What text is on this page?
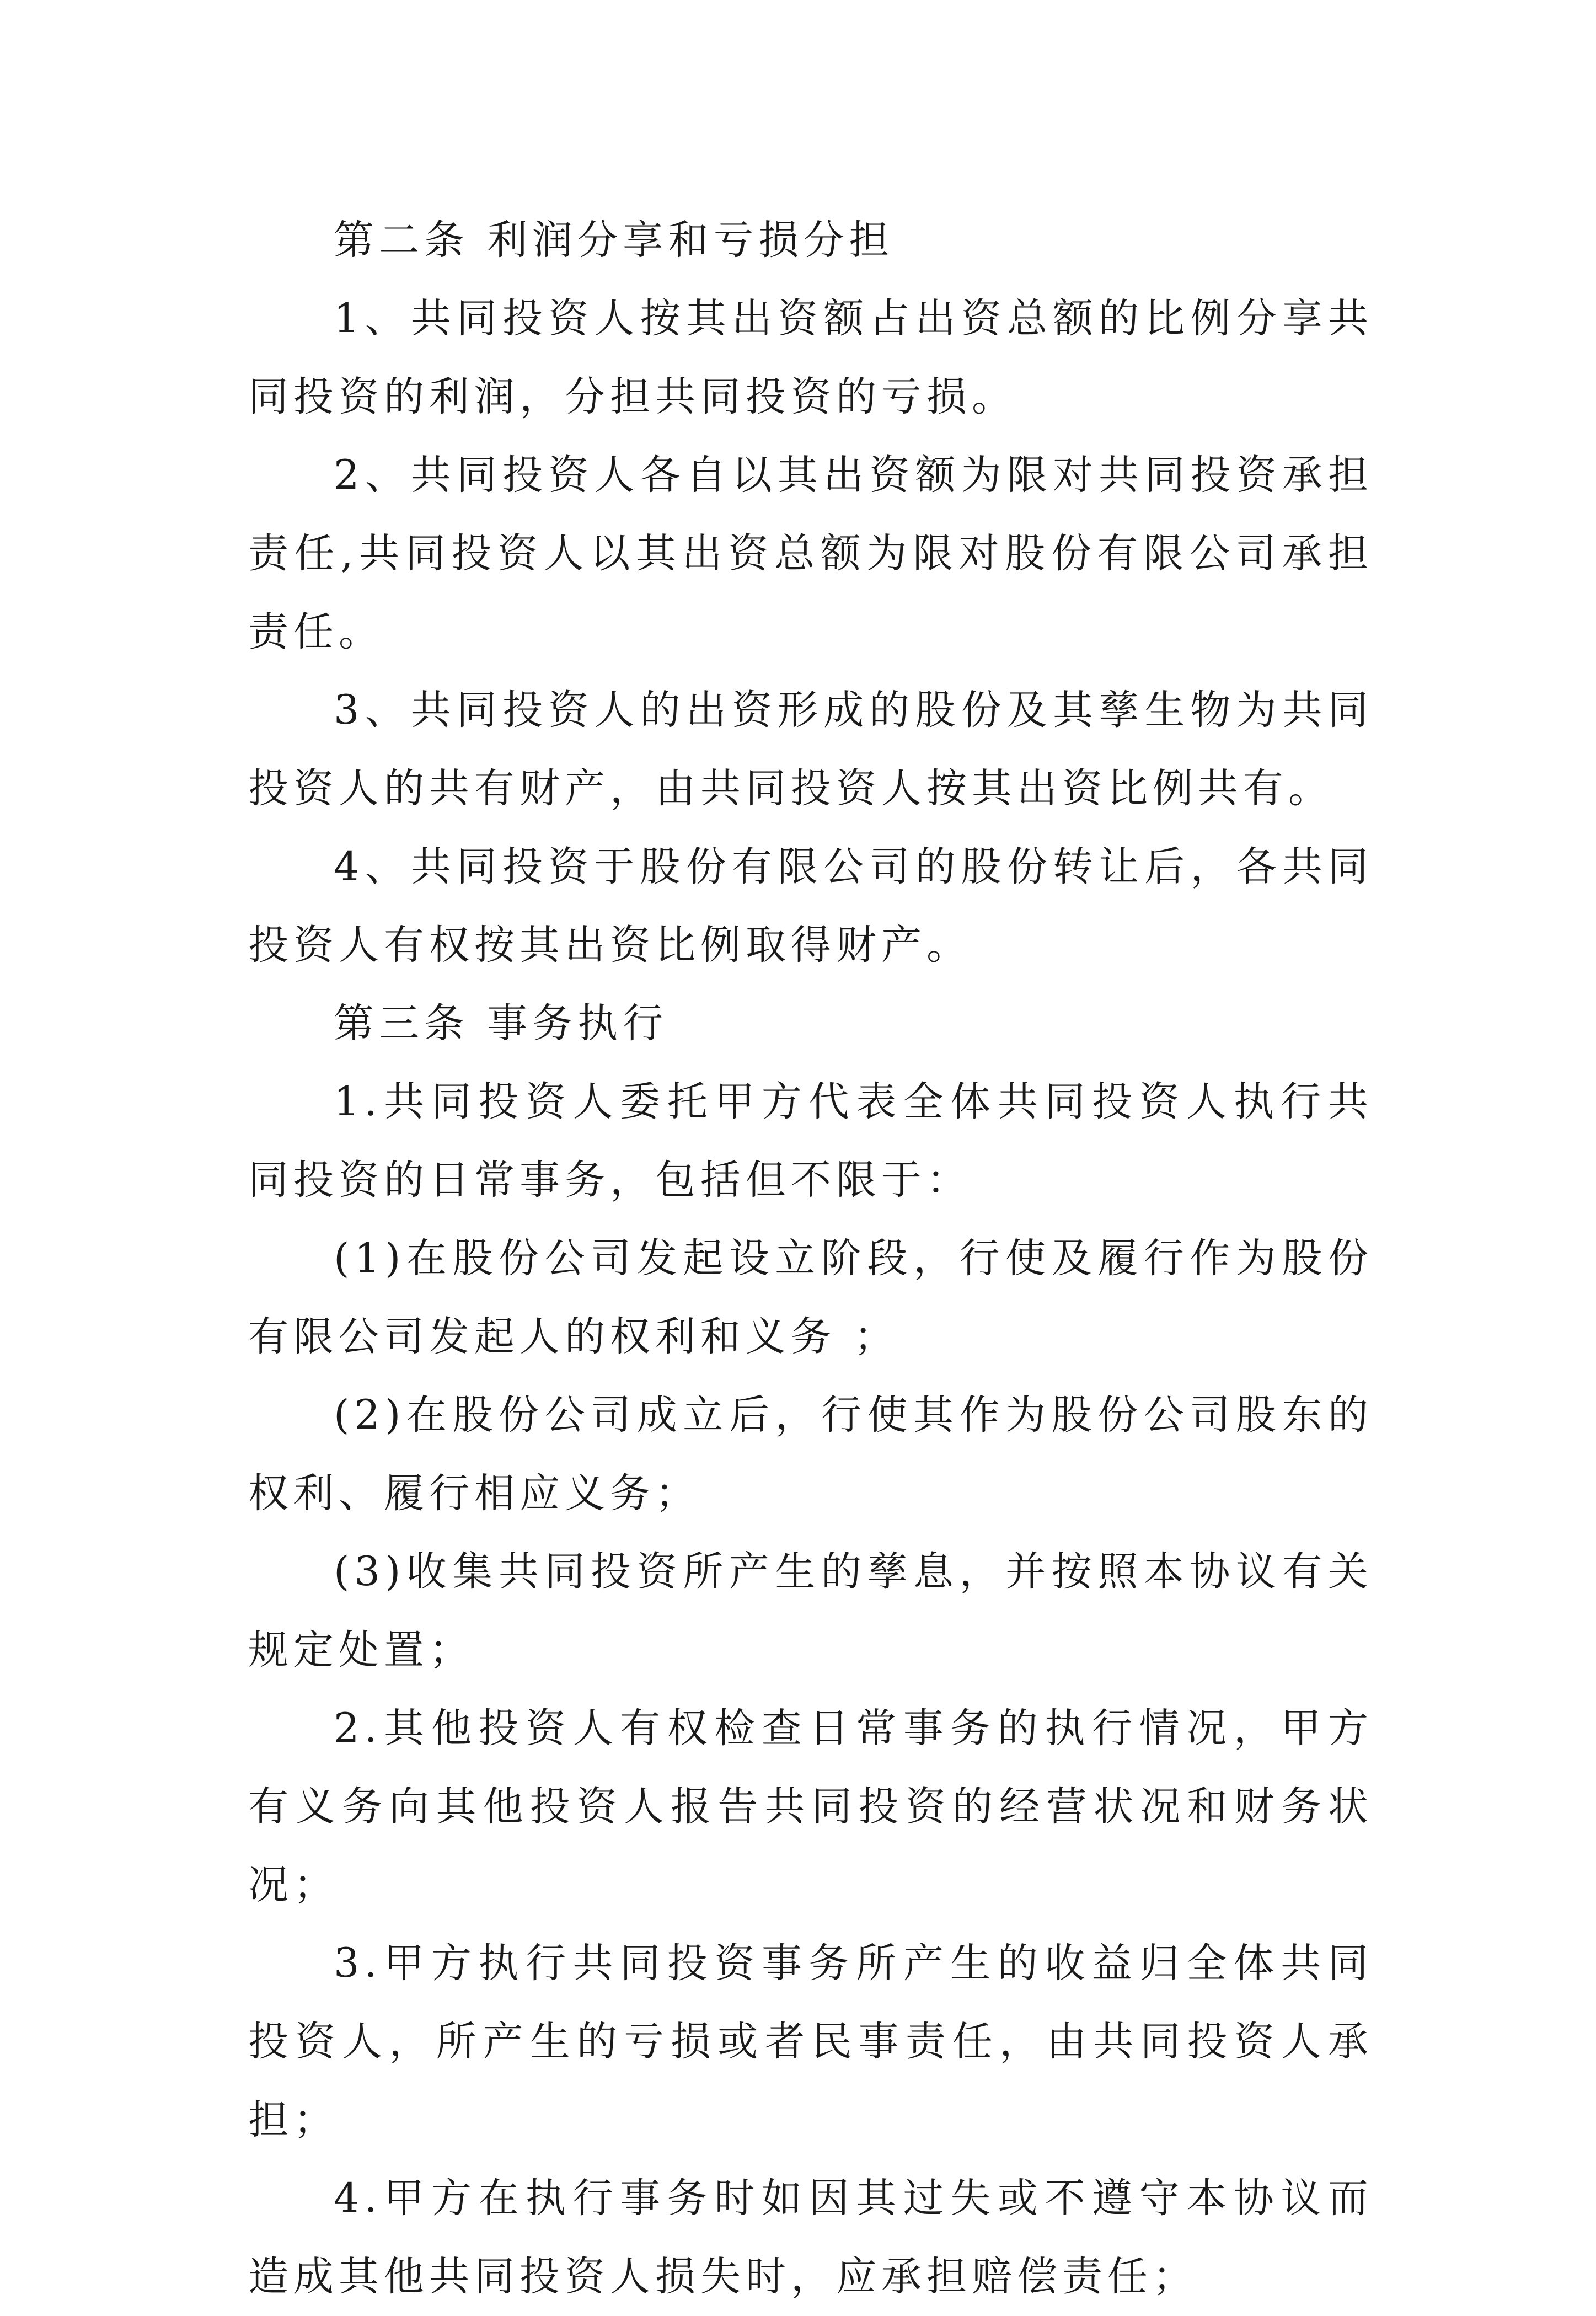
第二条 利润分享和亏损分担

1、共同投资人按其出资额占出资总额的比例分享共同投资的利润，分担共同投资的亏损。

2、共同投资人各自以其出资额为限对共同投资承担责任,共同投资人以其出资总额为限对股份有限公司承担责任。

3、共同投资人的出资形成的股份及其孳生物为共同投资人的共有财产，由共同投资人按其出资比例共有。

4、共同投资于股份有限公司的股份转让后，各共同投资人有权按其出资比例取得财产。

第三条 事务执行

1.共同投资人委托甲方代表全体共同投资人执行共同投资的日常事务，包括但不限于：

(1)在股份公司发起设立阶段，行使及履行作为股份有限公司发起人的权利和义务 ；

(2)在股份公司成立后，行使其作为股份公司股东的权利、履行相应义务；

(3)收集共同投资所产生的孳息，并按照本协议有关规定处置；

2.其他投资人有权检查日常事务的执行情况，甲方有义务向其他投资人报告共同投资的经营状况和财务状况；

3.甲方执行共同投资事务所产生的收益归全体共同投资人，所产生的亏损或者民事责任，由共同投资人承担；

4.甲方在执行事务时如因其过失或不遵守本协议而造成其他共同投资人损失时，应承担赔偿责任；
